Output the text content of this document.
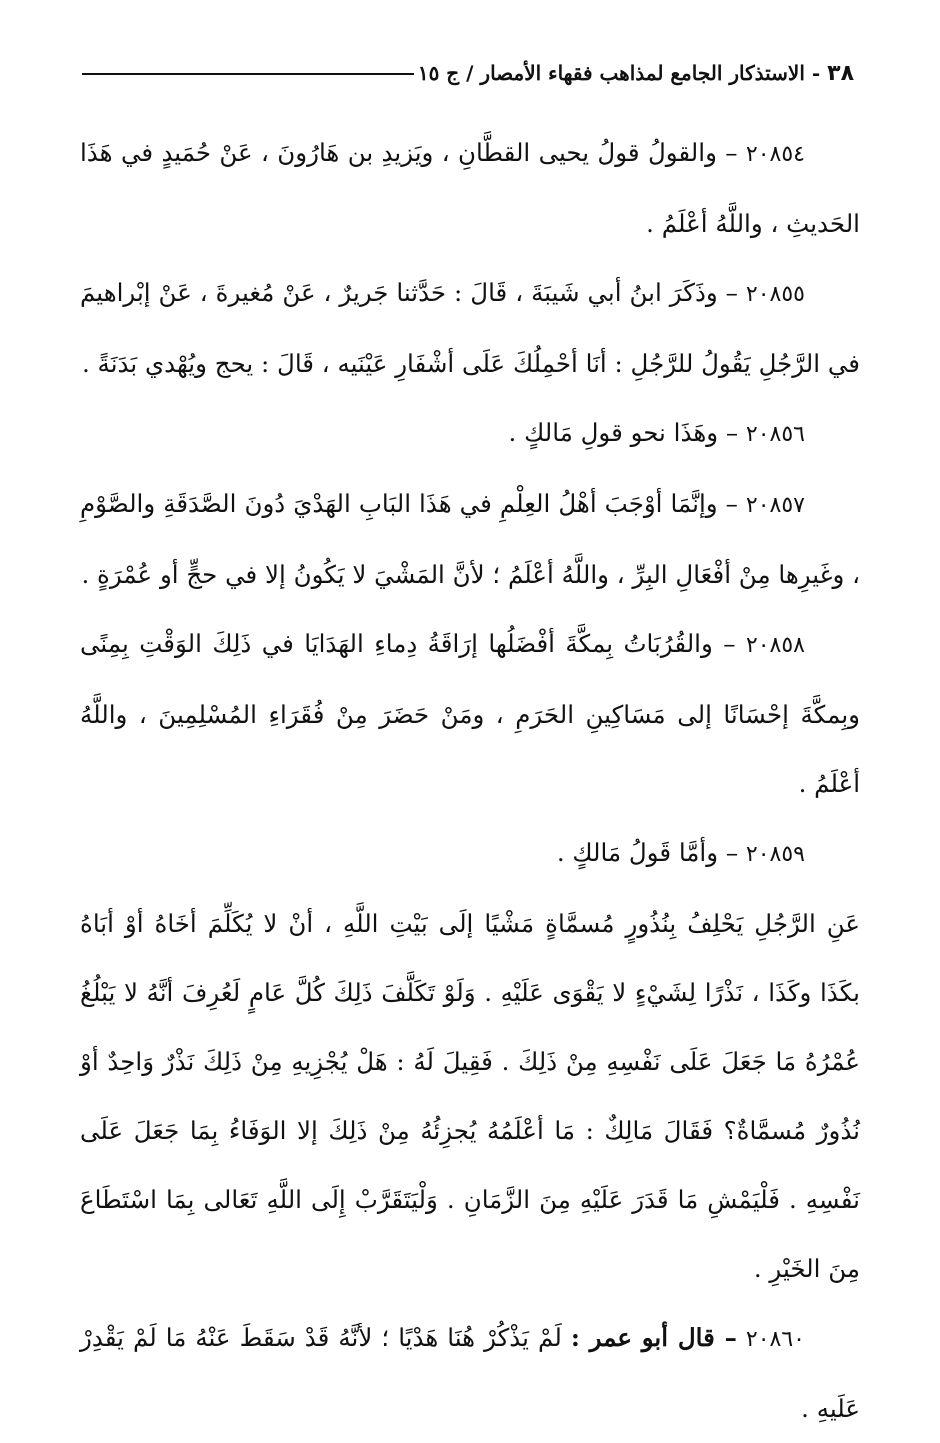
٣٨ - الاستذكار الجامع لمذاهب فقهاء الأمصار / ج ١٥

٢٠٨٥٤ – والقولُ قولُ يحيى القطَّانِ ، ويَزيدِ بن هَارُونَ ، عَنْ حُمَيدٍ في هَذَا الحَديثِ ، واللَّهُ أعْلَمُ .

٢٠٨٥٥ – وذَكَرَ ابنُ أبي شَيبَةَ ، قَالَ : حَدَّثنا جَريرٌ ، عَنْ مُغيرةَ ، عَنْ إبْراهيمَ في الرَّجُلِ يَقُولُ للرَّجُلِ : أنَا أحْمِلُكَ عَلَى أشْفَارِ عَيْنَيه ، قَالَ : يحج ويُهْدي بَدَنَةً .

٢٠٨٥٦ – وهَذَا نحو قولِ مَالكٍ .

٢٠٨٥٧ – وإنَّمَا أوْجَبَ أهْلُ العِلْمِ في هَذَا البَابِ الهَدْيَ دُونَ الصَّدَقَةِ والصَّوْمِ ، وغَيرِها مِنْ أفْعَالِ البِرِّ ، واللَّهُ أعْلَمُ ؛ لأنَّ المَشْيَ لا يَكُونُ إلا في حجٍّ أو عُمْرَةٍ .

٢٠٨٥٨ – والقُرُبَاتُ بِمكَّةَ أفْضَلُها إرَاقَةُ دِماءِ الهَدَايَا في ذَلِكَ الوَقْتِ بِمِنًى وبِمكَّةَ إحْسَانًا إلى مَسَاكِينِ الحَرَمِ ، ومَنْ حَضَرَ مِنْ فُقَرَاءِ المُسْلِمِينَ ، واللَّهُ أعْلَمُ .

٢٠٨٥٩ – وأمَّا قَولُ مَالكٍ .

عَنِ الرَّجُلِ يَحْلِفُ بِنُذُورٍ مُسمَّاةٍ مَشْيًا إلَى بَيْتِ اللَّهِ ، أنْ لا يُكَلِّمَ أخَاهُ أوْ أبَاهُ بكَذَا وكَذَا ، نَذْرًا لِشَيْءٍ لا يَقْوَى عَلَيْهِ . وَلَوْ تَكَلَّفَ ذَلِكَ كُلَّ عَامٍ لَعُرِفَ أنَّهُ لا يَبْلُغُ عُمْرُهُ مَا جَعَلَ عَلَى نَفْسِهِ مِنْ ذَلِكَ . فَقِيلَ لَهُ : هَلْ يُجْزِيهِ مِنْ ذَلِكَ نَذْرٌ وَاحِدٌ أوْ نُذُورٌ مُسمَّاةٌ؟ فَقَالَ مَالِكٌ : مَا أعْلَمُهُ يُجزِئُهُ مِنْ ذَلِكَ إلا الوَفَاءُ بِمَا جَعَلَ عَلَى نَفْسِهِ . فَلْيَمْشِ مَا قَدَرَ عَلَيْهِ مِنَ الزَّمَانِ . وَلْيَتَقَرَّبْ إِلَى اللَّهِ تَعَالى بِمَا اسْتَطَاعَ مِنَ الخَيْرِ .

٢٠٨٦٠ – قال أبو عمر : لَمْ يَذْكُرْ هُنَا هَدْيًا ؛ لأنَّهُ قَدْ سَقَطَ عَنْهُ مَا لَمْ يَقْدِرْ عَلَيهِ .
